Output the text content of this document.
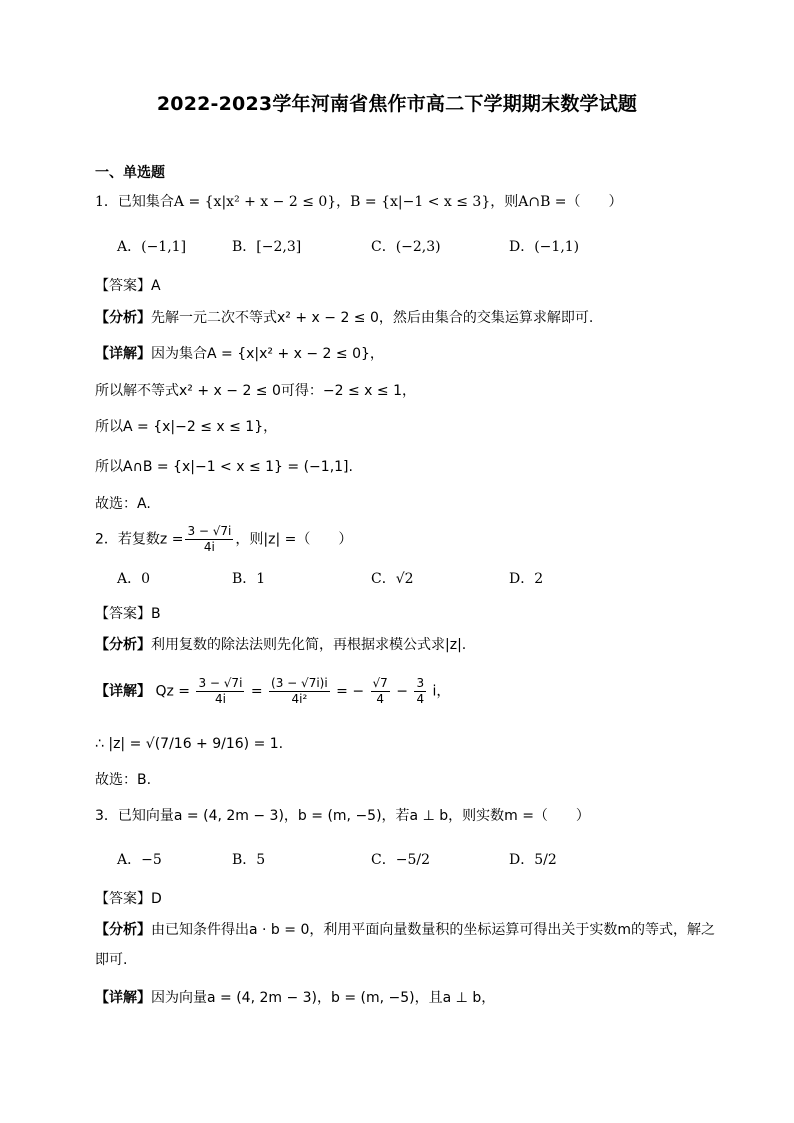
2022-2023学年河南省焦作市高二下学期期末数学试题
一、单选题
1．已知集合A = {x|x² + x − 2 ≤ 0}，B = {x|−1 < x ≤ 3}，则A∩B =（　　）
A．(−1,1]	B．[−2,3]	C．(−2,3)	D．(−1,1)
【答案】A
【分析】先解一元二次不等式x² + x − 2 ≤ 0，然后由集合的交集运算求解即可.
【详解】因为集合A = {x|x² + x − 2 ≤ 0}，
所以解不等式x² + x − 2 ≤ 0可得：−2 ≤ x ≤ 1，
所以A = {x|−2 ≤ x ≤ 1}，
所以A∩B = {x|−1 < x ≤ 1} = (−1,1].
故选：A.
2．若复数$z = \frac{3 - √7i}{4i}$ ，则|z| =（　　）
A．0	B．1	C．√2	D．2
【答案】B
【分析】利用复数的除法法则先化简，再根据求模公式求|z|.
【详解】 $Qz = \frac{3 - √7i}{4i} = \frac{(3 - √7i)i}{\text{4i²}}$ = − $\frac{√7}{4} - \frac{3}{4}$ i，
∴ |z| = √(7/16 + 9/16) = 1.
故选：B.
3．已知向量a = (4, 2m − 3)，b = (m, −5)，若a ⊥ b，则实数m =（　　）
A．−5	B．5	C．−5/2	D．5/2
【答案】D
【分析】由已知条件得出a · b = 0，利用平面向量数量积的坐标运算可得出关于实数m的等式，解之
即可.
【详解】因为向量a = (4, 2m − 3)，b = (m, −5)，且a ⊥ b，
